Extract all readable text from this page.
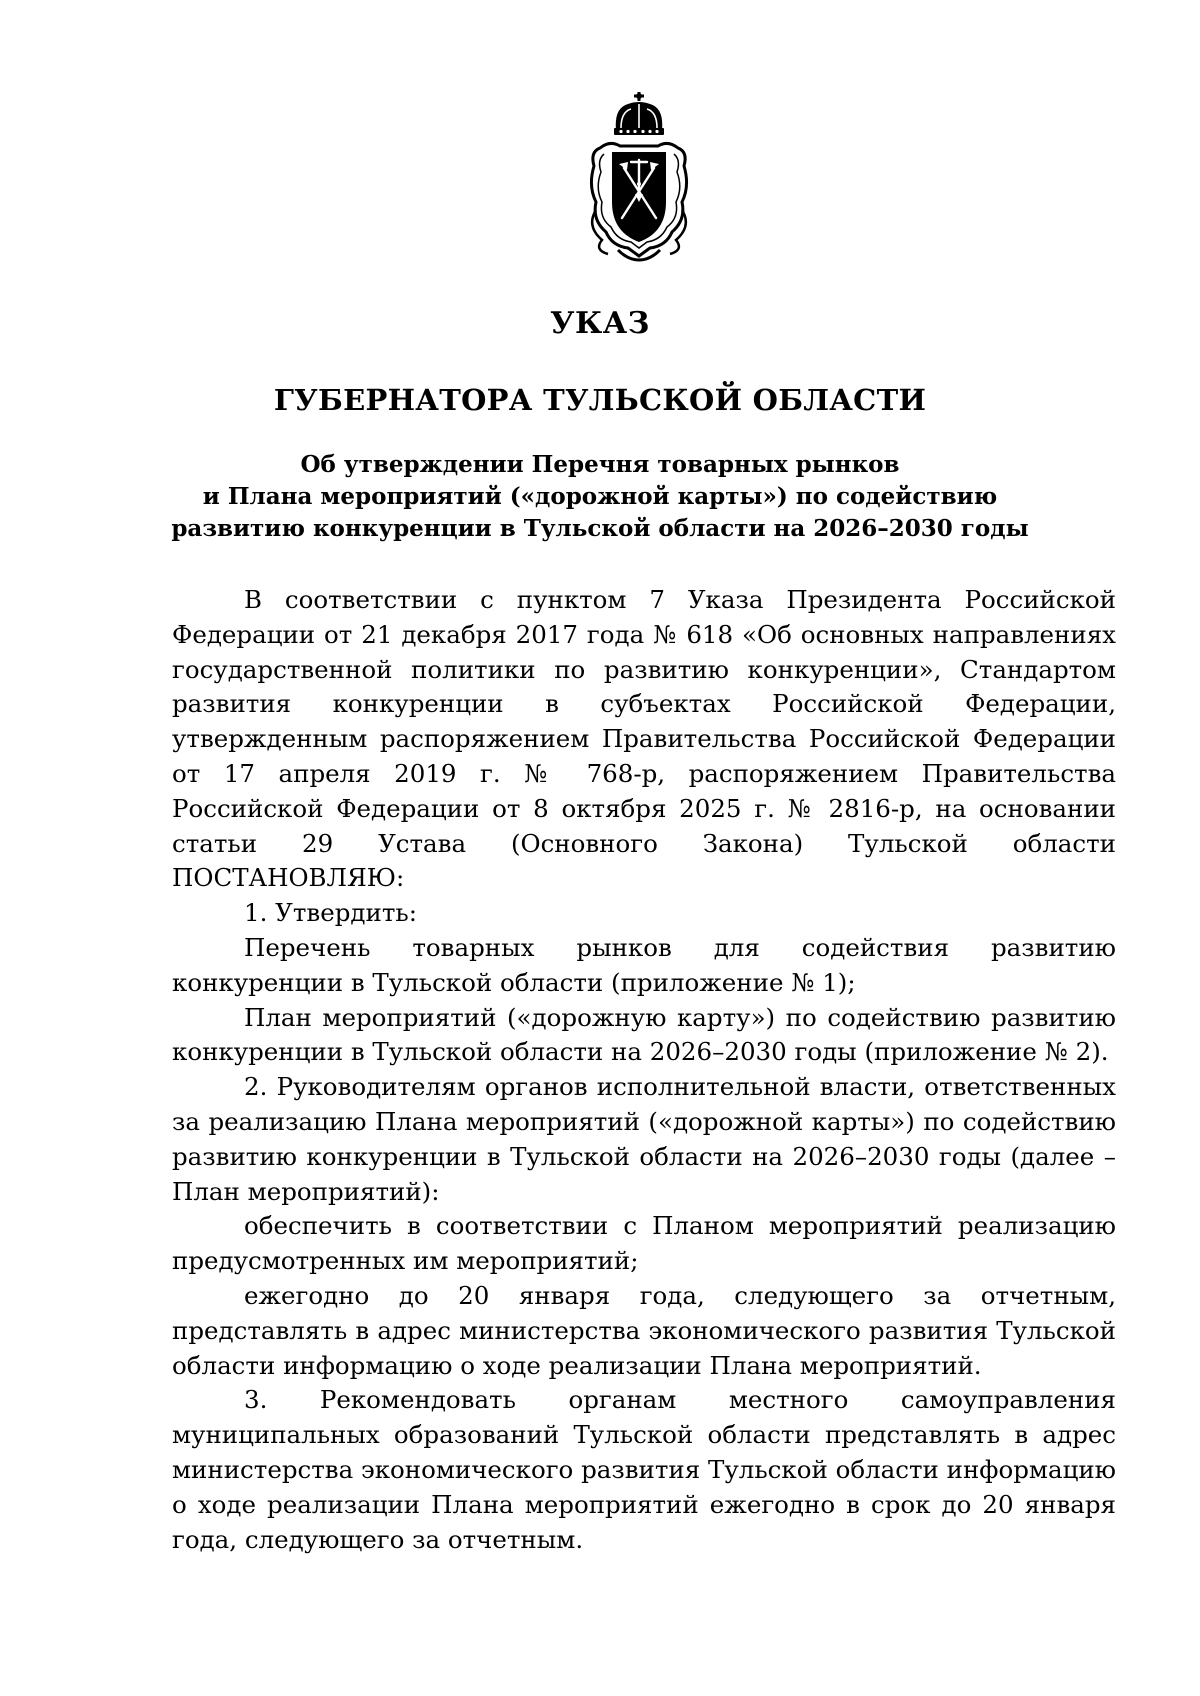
УКАЗ
ГУБЕРНАТОРА ТУЛЬСКОЙ ОБЛАСТИ
Об утверждении Перечня товарных рынков
и Плана мероприятий («дорожной карты») по содействию
развитию конкуренции в Тульской области на 2026–2030 годы

В соответствии с пунктом 7 Указа Президента Российской Федерации от 21 декабря 2017 года № 618 «Об основных направлениях государственной политики по развитию конкуренции», Стандартом развития конкуренции в субъектах Российской Федерации, утвержденным распоряжением Правительства Российской Федерации от 17 апреля 2019 г. № 768-р, распоряжением Правительства Российской Федерации от 8 октября 2025 г. № 2816-р, на основании статьи 29 Устава (Основного Закона) Тульской области ПОСТАНОВЛЯЮ:

1. Утвердить:

Перечень товарных рынков для содействия развитию конкуренции в Тульской области (приложение № 1);

План мероприятий («дорожную карту») по содействию развитию конкуренции в Тульской области на 2026–2030 годы (приложение № 2).

2. Руководителям органов исполнительной власти, ответственных за реализацию Плана мероприятий («дорожной карты») по содействию развитию конкуренции в Тульской области на 2026–2030 годы (далее – План мероприятий):

обеспечить в соответствии с Планом мероприятий реализацию предусмотренных им мероприятий;

ежегодно до 20 января года, следующего за отчетным, представлять в адрес министерства экономического развития Тульской области информацию о ходе реализации Плана мероприятий.

3. Рекомендовать органам местного самоуправления муниципальных образований Тульской области представлять в адрес министерства экономического развития Тульской области информацию о ходе реализации Плана мероприятий ежегодно в срок до 20 января года, следующего за отчетным.
